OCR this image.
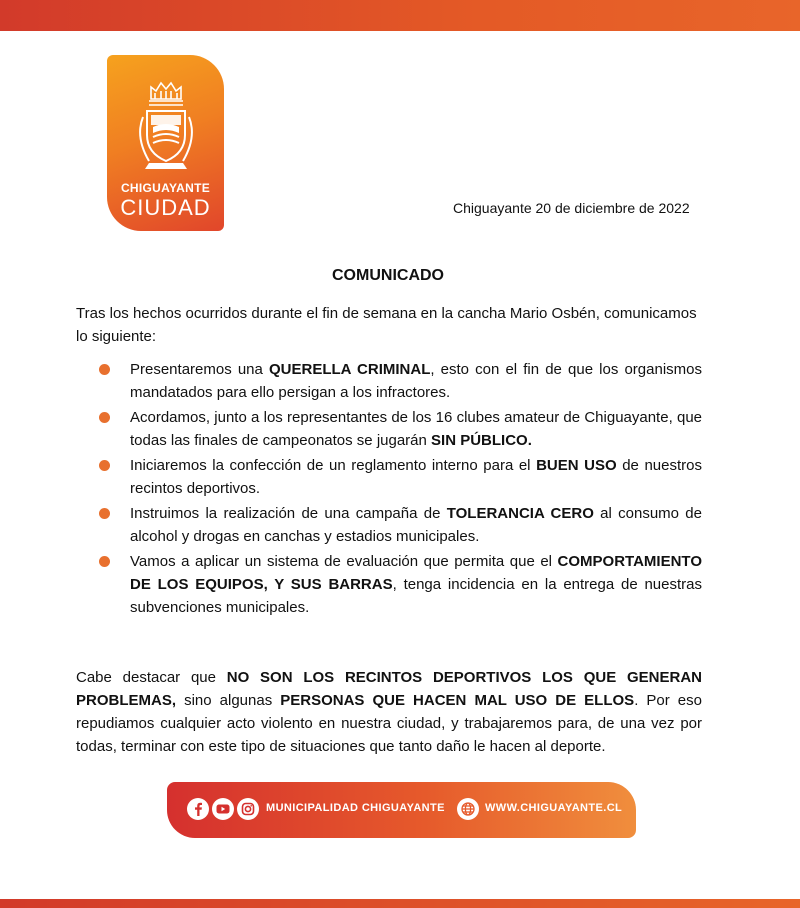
CHIGUAYANTE
CIUDAD	Chiguayante 20 de diciembre de 2022
COMUNICADO
Tras los hechos ocurridos durante el fin de semana en la cancha Mario Osbén, comunicamos lo siguiente:
Presentaremos una QUERELLA CRIMINAL, esto con el fin de que los organismos mandatados para ello persigan a los infractores.
Acordamos, junto a los representantes de los 16 clubes amateur de Chiguayante, que todas las finales de campeonatos se jugarán SIN PÚBLICO.
Iniciaremos la confección de un reglamento interno para el BUEN USO de nuestros recintos deportivos.
Instruimos la realización de una campaña de TOLERANCIA CERO al consumo de alcohol y drogas en canchas y estadios municipales.
Vamos a aplicar un sistema de evaluación que permita que el COMPORTAMIENTO DE LOS EQUIPOS, Y SUS BARRAS, tenga incidencia en la entrega de nuestras subvenciones municipales.
Cabe destacar que NO SON LOS RECINTOS DEPORTIVOS LOS QUE GENERAN PROBLEMAS, sino algunas PERSONAS QUE HACEN MAL USO DE ELLOS. Por eso repudiamos cualquier acto violento en nuestra ciudad, y trabajaremos para, de una vez por todas, terminar con este tipo de situaciones que tanto daño le hacen al deporte.
MUNICIPALIDAD CHIGUAYANTE	WWW.CHIGUAYANTE.CL
